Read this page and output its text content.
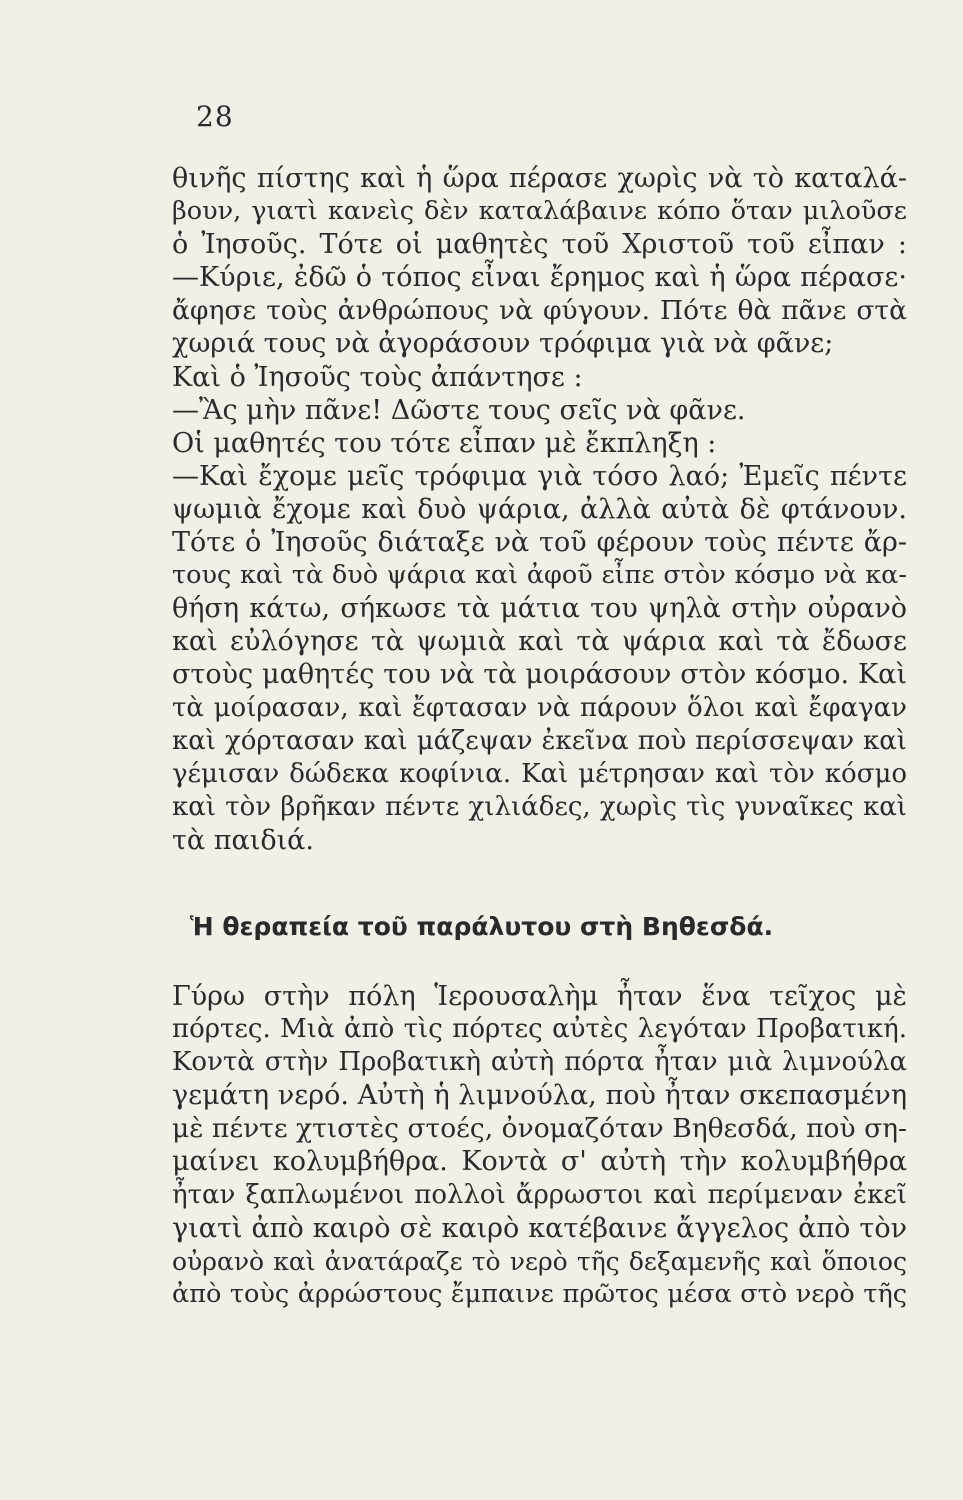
28
θινῆς πίστης καὶ ἡ ὥρα πέρασε χωρὶς νὰ τὸ καταλά-
βουν, γιατὶ κανεὶς δὲν καταλάβαινε κόπο ὅταν μιλοῦσε
ὁ Ἰησοῦς. Τότε οἱ μαθητὲς τοῦ Χριστοῦ τοῦ εἶπαν :
—Κύριε, ἐδῶ ὁ τόπος εἶναι ἔρημος καὶ ἡ ὥρα πέρασε·
ἄφησε τοὺς ἀνθρώπους νὰ φύγουν. Πότε θὰ πᾶνε στὰ
χωριά τους νὰ ἀγοράσουν τρόφιμα γιὰ νὰ φᾶνε;
Καὶ ὁ Ἰησοῦς τοὺς ἀπάντησε :
—Ἂς μὴν πᾶνε! Δῶστε τους σεῖς νὰ φᾶνε.
Οἱ μαθητές του τότε εἶπαν μὲ ἔκπληξη :
—Καὶ ἔχομε μεῖς τρόφιμα γιὰ τόσο λαό; Ἐμεῖς πέντε
ψωμιὰ ἔχομε καὶ δυὸ ψάρια, ἀλλὰ αὐτὰ δὲ φτάνουν.
Τότε ὁ Ἰησοῦς διάταξε νὰ τοῦ φέρουν τοὺς πέντε ἄρ-
τους καὶ τὰ δυὸ ψάρια καὶ ἀφοῦ εἶπε στὸν κόσμο νὰ κα-
θήση κάτω, σήκωσε τὰ μάτια του ψηλὰ στὴν οὐρανὸ
καὶ εὐλόγησε τὰ ψωμιὰ καὶ τὰ ψάρια καὶ τὰ ἔδωσε
στοὺς μαθητές του νὰ τὰ μοιράσουν στὸν κόσμο. Καὶ
τὰ μοίρασαν, καὶ ἔφτασαν νὰ πάρουν ὅλοι καὶ ἔφαγαν
καὶ χόρτασαν καὶ μάζεψαν ἐκεῖνα ποὺ περίσσεψαν καὶ
γέμισαν δώδεκα κοφίνια. Καὶ μέτρησαν καὶ τὸν κόσμο
καὶ τὸν βρῆκαν πέντε χιλιάδες, χωρὶς τὶς γυναῖκες καὶ
τὰ παιδιά.
Ἡ θεραπεία τοῦ παράλυτου στὴ Βηθεσδά.
Γύρω στὴν πόλη Ἱερουσαλὴμ ἦταν ἕνα τεῖχος μὲ
πόρτες. Μιὰ ἀπὸ τὶς πόρτες αὐτὲς λεγόταν Προβατική.
Κοντὰ στὴν Προβατικὴ αὐτὴ πόρτα ἦταν μιὰ λιμνούλα
γεμάτη νερό. Αὐτὴ ἡ λιμνούλα, ποὺ ἦταν σκεπασμένη
μὲ πέντε χτιστὲς στοές, ὀνομαζόταν Βηθεσδά, ποὺ ση-
μαίνει κολυμβήθρα. Κοντὰ σ' αὐτὴ τὴν κολυμβήθρα
ἦταν ξαπλωμένοι πολλοὶ ἄρρωστοι καὶ περίμεναν ἐκεῖ
γιατὶ ἀπὸ καιρὸ σὲ καιρὸ κατέβαινε ἄγγελος ἀπὸ τὸν
οὐρανὸ καὶ ἀνατάραζε τὸ νερὸ τῆς δεξαμενῆς καὶ ὅποιος
ἀπὸ τοὺς ἀρρώστους ἔμπαινε πρῶτος μέσα στὸ νερὸ τῆς
